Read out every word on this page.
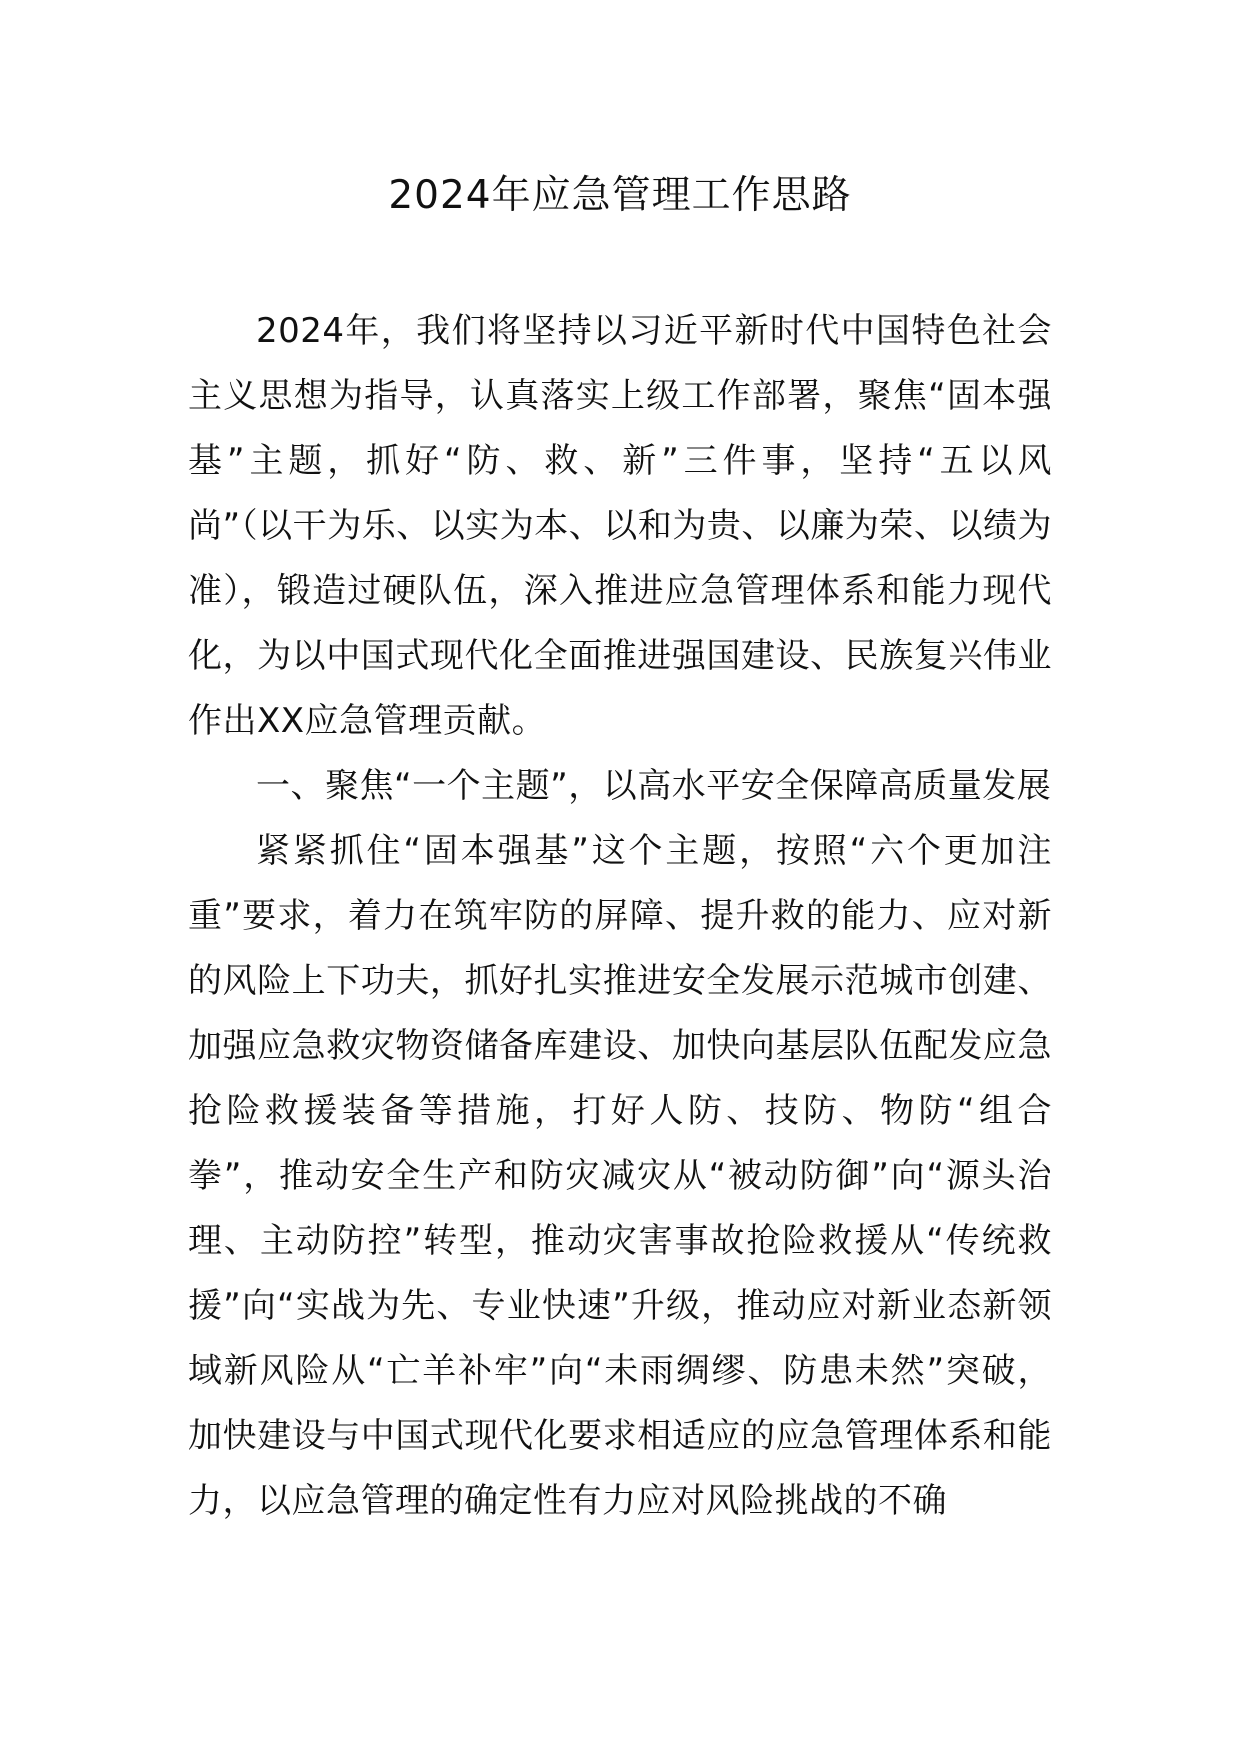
2024年应急管理工作思路

2024年，我们将坚持以习近平新时代中国特色社会主义思想为指导，认真落实上级工作部署，聚焦“固本强基”主题，抓好“防、救、新”三件事，坚持“五以风尚”（以干为乐、以实为本、以和为贵、以廉为荣、以绩为准），锻造过硬队伍，深入推进应急管理体系和能力现代化，为以中国式现代化全面推进强国建设、民族复兴伟业作出XX应急管理贡献。

一、聚焦“一个主题”，以高水平安全保障高质量发展

紧紧抓住“固本强基”这个主题，按照“六个更加注重”要求，着力在筑牢防的屏障、提升救的能力、应对新的风险上下功夫，抓好扎实推进安全发展示范城市创建、加强应急救灾物资储备库建设、加快向基层队伍配发应急抢险救援装备等措施，打好人防、技防、物防“组合拳”，推动安全生产和防灾减灾从“被动防御”向“源头治理、主动防控”转型，推动灾害事故抢险救援从“传统救援”向“实战为先、专业快速”升级，推动应对新业态新领域新风险从“亡羊补牢”向“未雨绸缪、防患未然”突破，加快建设与中国式现代化要求相适应的应急管理体系和能力，以应急管理的确定性有力应对风险挑战的不确
